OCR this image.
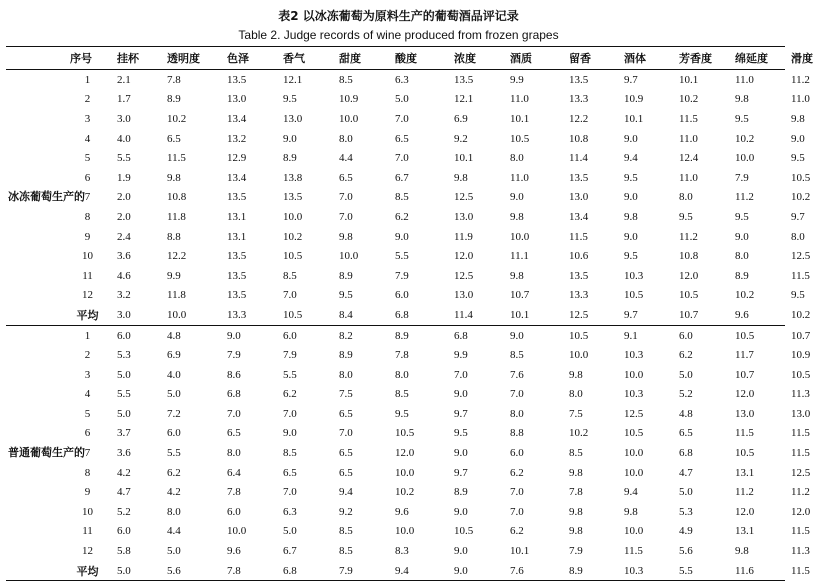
表2 以冰冻葡萄为原料生产的葡萄酒品评记录
Table 2. Judge records of wine produced from frozen grapes
	序号	挂杯	透明度	色泽	香气	甜度	酸度	浓度	酒质	留香	酒体	芳香度	绵延度	滑度
冰冻葡萄生产的	1	2.1	7.8	13.5	12.1	8.5	6.3	13.5	9.9	13.5	9.7	10.1	11.0	11.2
	2	1.7	8.9	13.0	9.5	10.9	5.0	12.1	11.0	13.3	10.9	10.2	9.8	11.0
	3	3.0	10.2	13.4	13.0	10.0	7.0	6.9	10.1	12.2	10.1	11.5	9.5	9.8
	4	4.0	6.5	13.2	9.0	8.0	6.5	9.2	10.5	10.8	9.0	11.0	10.2	9.0
	5	5.5	11.5	12.9	8.9	4.4	7.0	10.1	8.0	11.4	9.4	12.4	10.0	9.5
	6	1.9	9.8	13.4	13.8	6.5	6.7	9.8	11.0	13.5	9.5	11.0	7.9	10.5
	7	2.0	10.8	13.5	13.5	7.0	8.5	12.5	9.0	13.0	9.0	8.0	11.2	10.2
	8	2.0	11.8	13.1	10.0	7.0	6.2	13.0	9.8	13.4	9.8	9.5	9.5	9.7
	9	2.4	8.8	13.1	10.2	9.8	9.0	11.9	10.0	11.5	9.0	11.2	9.0	8.0
	10	3.6	12.2	13.5	10.5	10.0	5.5	12.0	11.1	10.6	9.5	10.8	8.0	12.5
	11	4.6	9.9	13.5	8.5	8.9	7.9	12.5	9.8	13.5	10.3	12.0	8.9	11.5
	12	3.2	11.8	13.5	7.0	9.5	6.0	13.0	10.7	13.3	10.5	10.5	10.2	9.5
	平均	3.0	10.0	13.3	10.5	8.4	6.8	11.4	10.1	12.5	9.7	10.7	9.6	10.2
普通葡萄生产的	1	6.0	4.8	9.0	6.0	8.2	8.9	6.8	9.0	10.5	9.1	6.0	10.5	10.7
	2	5.3	6.9	7.9	7.9	8.9	7.8	9.9	8.5	10.0	10.3	6.2	11.7	10.9
	3	5.0	4.0	8.6	5.5	8.0	8.0	7.0	7.6	9.8	10.0	5.0	10.7	10.5
	4	5.5	5.0	6.8	6.2	7.5	8.5	9.0	7.0	8.0	10.3	5.2	12.0	11.3
	5	5.0	7.2	7.0	7.0	6.5	9.5	9.7	8.0	7.5	12.5	4.8	13.0	13.0
	6	3.7	6.0	6.5	9.0	7.0	10.5	9.5	8.8	10.2	10.5	6.5	11.5	11.5
	7	3.6	5.5	8.0	8.5	6.5	12.0	9.0	6.0	8.5	10.0	6.8	10.5	11.5
	8	4.2	6.2	6.4	6.5	6.5	10.0	9.7	6.2	9.8	10.0	4.7	13.1	12.5
	9	4.7	4.2	7.8	7.0	9.4	10.2	8.9	7.0	7.8	9.4	5.0	11.2	11.2
	10	5.2	8.0	6.0	6.3	9.2	9.6	9.0	7.0	9.8	9.8	5.3	12.0	12.0
	11	6.0	4.4	10.0	5.0	8.5	10.0	10.5	6.2	9.8	10.0	4.9	13.1	11.5
	12	5.8	5.0	9.6	6.7	8.5	8.3	9.0	10.1	7.9	11.5	5.6	9.8	11.3
	平均	5.0	5.6	7.8	6.8	7.9	9.4	9.0	7.6	8.9	10.3	5.5	11.6	11.5
